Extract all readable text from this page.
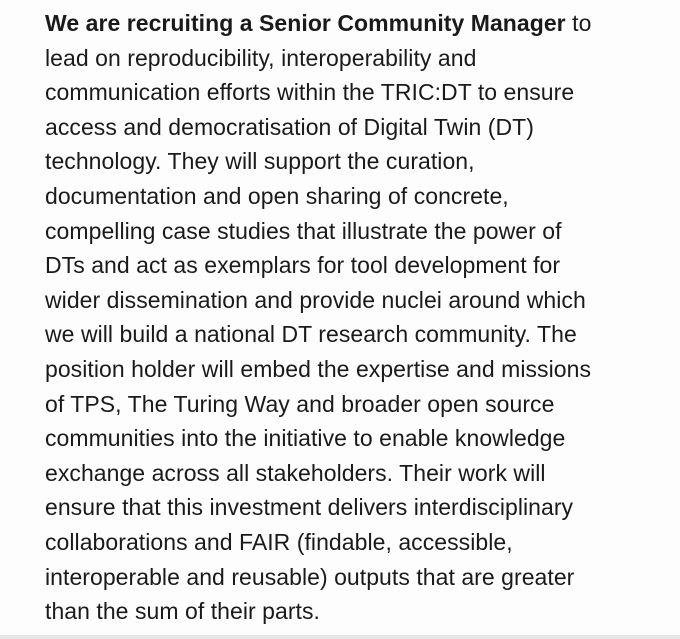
We are recruiting a Senior Community Manager to
lead on reproducibility, interoperability and
communication efforts within the TRIC:DT to ensure
access and democratisation of Digital Twin (DT)
technology. They will support the curation,
documentation and open sharing of concrete,
compelling case studies that illustrate the power of
DTs and act as exemplars for tool development for
wider dissemination and provide nuclei around which
we will build a national DT research community. The
position holder will embed the expertise and missions
of TPS, The Turing Way and broader open source
communities into the initiative to enable knowledge
exchange across all stakeholders. Their work will
ensure that this investment delivers interdisciplinary
collaborations and FAIR (findable, accessible,
interoperable and reusable) outputs that are greater
than the sum of their parts.
